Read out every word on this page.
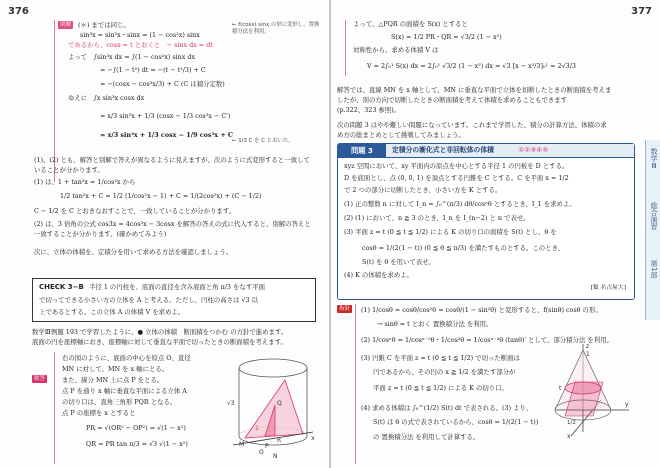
376
別解	(＊) までは同じ。
sin³x = sin²x・sinx = (1 − cos²x) sinx
であるから、cosx = t とおくと　− sinx dx = dt
よって　∫sin³x dx = ∫(1 − cos²x) sinx dx
= −∫(1 − t²) dt = −(t − t³/3) + C
= −(cosx − cos³x/3) + C (C は積分定数)
ゆえに　∫x sin³x cosx dx
= x/3 sin³x + 1/3 (cosx − 1/3 cos³x − C′)
= x/3 sin³x + 1/3 cosx − 1/9 cos³x + C
← f(cosx) sinx の形に変形し、置換積分法を利用。
← 1/3 C を C とおいた。
(1)、(2) とも、解答と別解で答えが異なるように見えますが、次のように式変形すると一致して
いることが分かります。
(1) は、1 + tan²x = 1/cos²x から
1/2 tan²x + C = 1/2 (1/cos²x − 1) + C = 1/(2cos²x) + (C − 1/2)
C − 1/2 を C とおきなおすことで、一致していることが分かります。
(2) は、3 倍角の公式 cos3x = 4cos³x − 3cosx を解答の答えの式に代入すると、別解の答えと
一致することが分かります。(確かめてみよう)
次に、立体の体積を、定積分を用いて求める方法を確認しましょう。
CHECK 3−B 半径 1 の円柱を、底面の直径を含み底面と角 π/3 をなす平面
で切ってできる小さい方の立体を A と考える。ただし、円柱の高さは √3 以
上であるとする。この立体 A の体積 V を求めよ。
数学Ⅲ例題 193 で学習したように、● 立体の体積　断面積をつかむ の方針で進めます。
底面の円を座標軸におき、座標軸に対して垂直な平面で切ったときの断面積を考えます。
解答
右の図のように、底面の中心を原点 O、直径
MN に対して、MN を x 軸にとる。
また、線分 MN 上に点 P をとる。
点 P を通り x 軸に垂直な平面による立体 A
の切り口は、直角三角形 PQR となる。
点 P の座標を x とすると
PR = √(OR² − OP²) = √(1 − x²)
QR = PR tan π/3 = √3 √(1 − x²)
√3
1
M
R
Q
P
O
N
x
377
よって、△PQR の面積を S(x) とすると
S(x) = 1/2 PR・QR = √3/2 (1 − x²)
対称性から、求める体積 V は
V = 2∫₀¹ S(x) dx = 2∫₀¹ √3/2 (1 − x²) dx = √3 [x − x³/3]₀¹ = 2√3/3
解答では、直線 MN を x 軸として、MN に垂直な平面で立体を切断したときの断面積を考えま
したが、別の方向で切断したときの断面積を考えて体積を求めることもできます
(p.322、323 参照)。
次の問題 3 はやや難しい問題になっています。これまで学習した、積分の計算方法、体積の求
め方の総まとめとして挑戦してみましょう。
問題 3	定積分の漸化式と非回転体の体積	①②③④⑤
xyz 空間において、xy 平面内の原点を中心とする半径 1 の円板を D とする。
D を底面とし、点 (0, 0, 1) を頂点とする円錐を C とする。C を平面 x = 1/2
で 2 つの部分に切断したとき、小さい方を K とする。
(1) 正の整数 n に対して I_n = ∫₀^(π/3) dθ/cosⁿθ とするとき、I_1 を求めよ。
(2) (1) において、n ≧ 3 のとき、I_n を I_(n−2) と n で表せ。
(3) 平面 z = t (0 ≦ t ≦ 1/2) による K の切り口の面積を S(t) とし、θ を
cosθ = 1/(2(1 − t)) (0 ≦ θ ≦ π/3) を満たすものとする。このとき、
S(t) を θ を用いて表せ。
(4) K の体積を求めよ。
[類 名古屋大]
指針	(1) 1/cosθ = cosθ/cos²θ = cosθ/(1 − sin²θ) と変形すると、f(sinθ) cosθ の形。
→ sinθ = t とおく 置換積分法 を利用。
(2) 1/cosⁿθ = 1/cosⁿ⁻²θ・1/cos²θ = 1/cosⁿ⁻²θ (tanθ)′ として、部分積分法 を利用。
(3) 円錐 C を平面 z = t (0 ≦ t ≦ 1/2) で切った断面は
円であるから、その円の x ≧ 1/2 を満たす部分が
平面 z = t (0 ≦ t ≦ 1/2) による K の切り口。
(4) 求める体積は ∫₀^(1/2) S(t) dt で表される。(3) より、
S(t) は θ の式で表されているから、cosθ = 1/(2(1 − t))
の 置換積分法 を利用して計算する。
z
1
t
1/2
y
x
数学Ⅲ
総合演習
第1部
